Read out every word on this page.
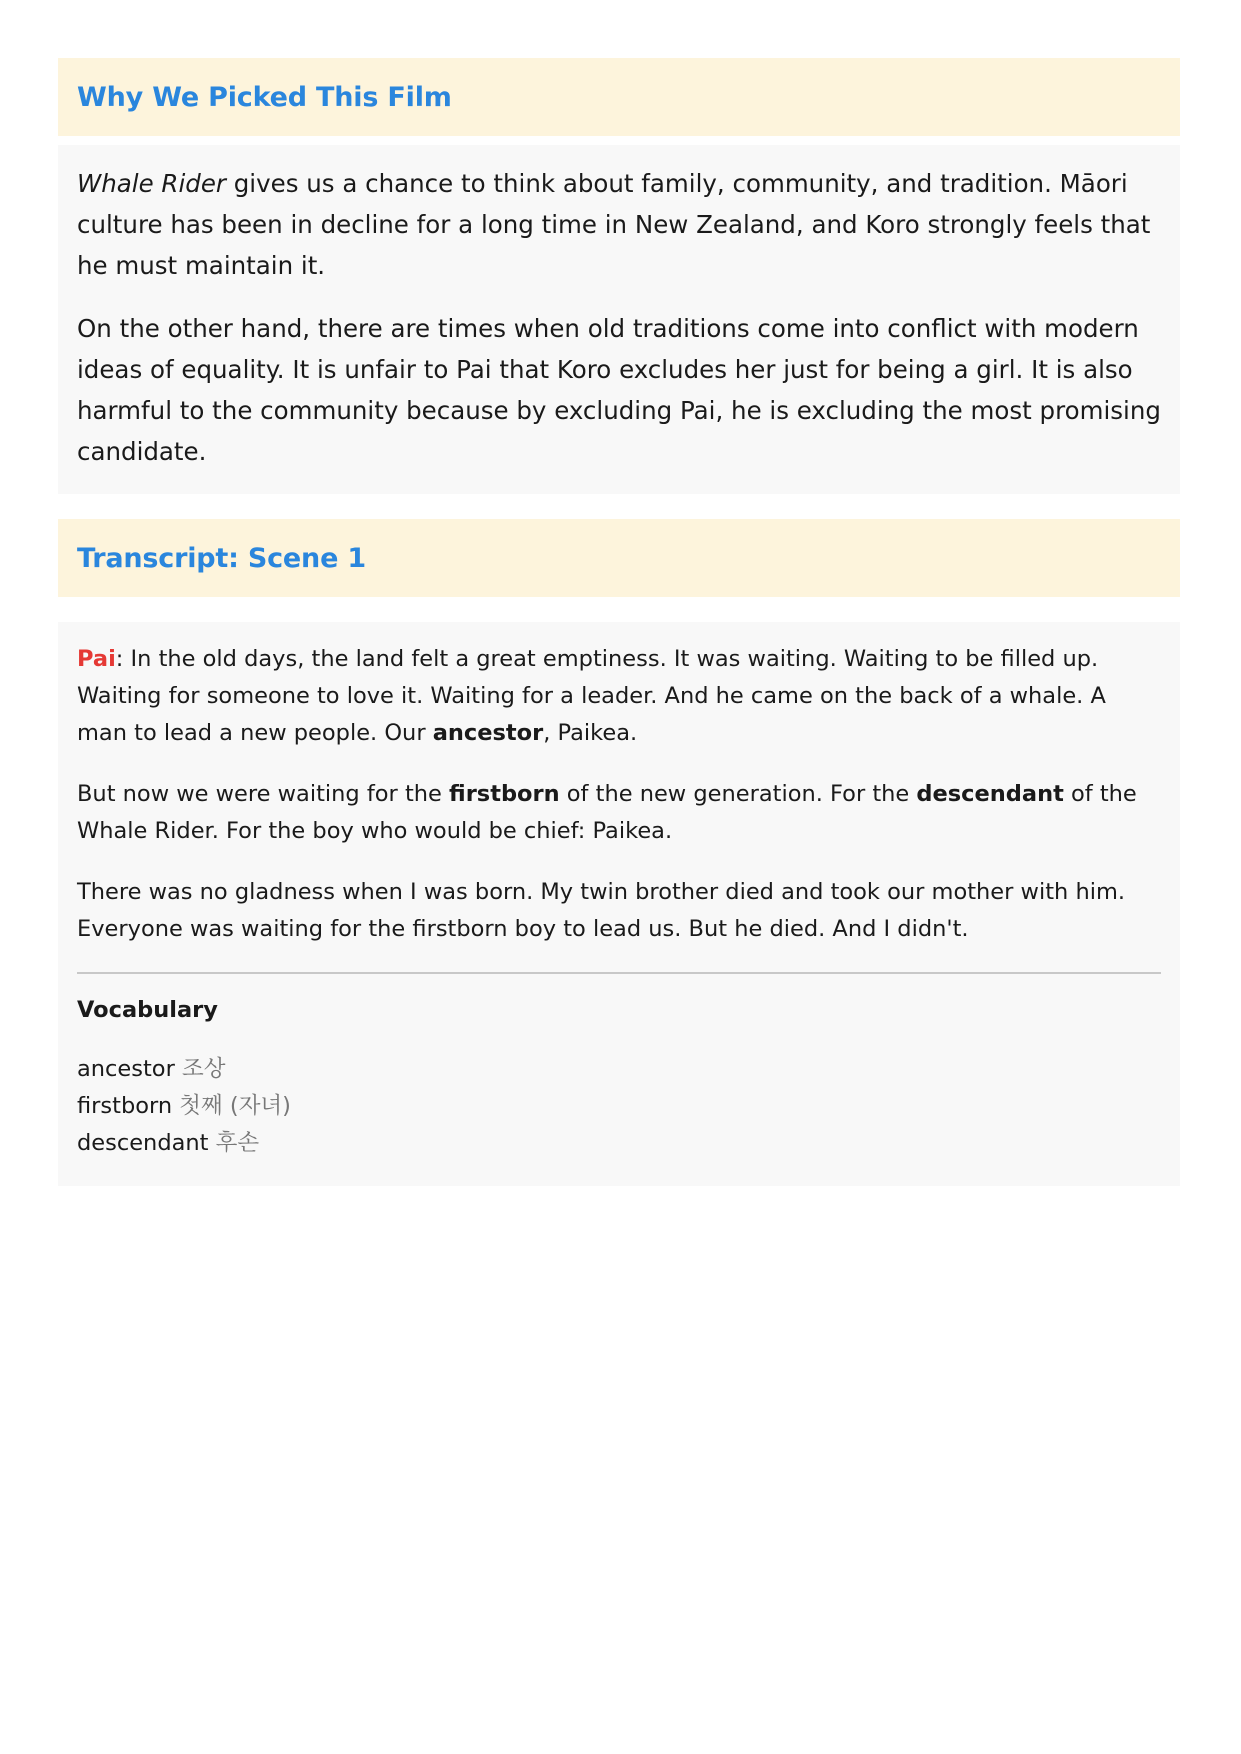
Why We Picked This Film

Whale Rider gives us a chance to think about family, community, and tradition. Māori culture has been in decline for a long time in New Zealand, and Koro strongly feels that he must maintain it.

On the other hand, there are times when old traditions come into conflict with modern ideas of equality. It is unfair to Pai that Koro excludes her just for being a girl. It is also harmful to the community because by excluding Pai, he is excluding the most promising candidate.

Transcript: Scene 1

Pai: In the old days, the land felt a great emptiness. It was waiting. Waiting to be filled up. Waiting for someone to love it. Waiting for a leader. And he came on the back of a whale. A man to lead a new people. Our ancestor, Paikea.

But now we were waiting for the firstborn of the new generation. For the descendant of the Whale Rider. For the boy who would be chief: Paikea.

There was no gladness when I was born. My twin brother died and took our mother with him. Everyone was waiting for the firstborn boy to lead us. But he died. And I didn't.

Vocabulary
ancestor 조상
firstborn 첫째 (자녀)
descendant 후손
